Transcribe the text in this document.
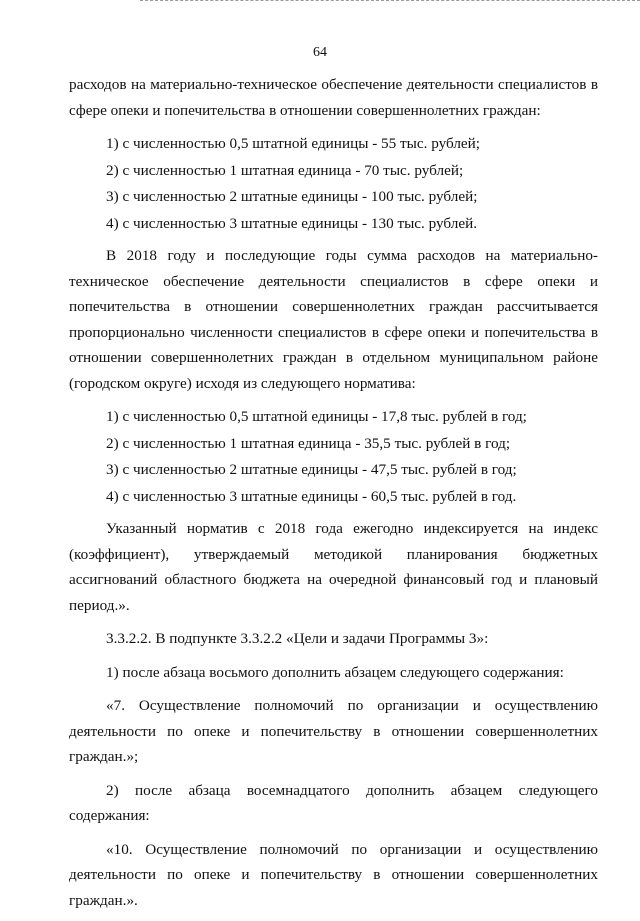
64

расходов на материально-техническое обеспечение деятельности специалистов в сфере опеки и попечительства в отношении совершеннолетних граждан:

1) с численностью 0,5 штатной единицы - 55 тыс. рублей;

2) с численностью 1 штатная единица - 70 тыс. рублей;

3) с численностью 2 штатные единицы - 100 тыс. рублей;

4) с численностью 3 штатные единицы - 130 тыс. рублей.

В 2018 году и последующие годы сумма расходов на материально-техническое обеспечение деятельности специалистов в сфере опеки и попечительства в отношении совершеннолетних граждан рассчитывается пропорционально численности специалистов в сфере опеки и попечительства в отношении совершеннолетних граждан в отдельном муниципальном районе (городском округе) исходя из следующего норматива:

1) с численностью 0,5 штатной единицы - 17,8 тыс. рублей в год;

2) с численностью 1 штатная единица - 35,5 тыс. рублей в год;

3) с численностью 2 штатные единицы - 47,5 тыс. рублей в год;

4) с численностью 3 штатные единицы - 60,5 тыс. рублей в год.

Указанный норматив с 2018 года ежегодно индексируется на индекс (коэффициент), утверждаемый методикой планирования бюджетных ассигнований областного бюджета на очередной финансовый год и плановый период.».

3.3.2.2. В подпункте 3.3.2.2 «Цели и задачи Программы 3»:

1) после абзаца восьмого дополнить абзацем следующего содержания:

«7. Осуществление полномочий по организации и осуществлению деятельности по опеке и попечительству в отношении совершеннолетних граждан.»;

2) после абзаца восемнадцатого дополнить абзацем следующего содержания:

«10. Осуществление полномочий по организации и осуществлению деятельности по опеке и попечительству в отношении совершеннолетних граждан.».
